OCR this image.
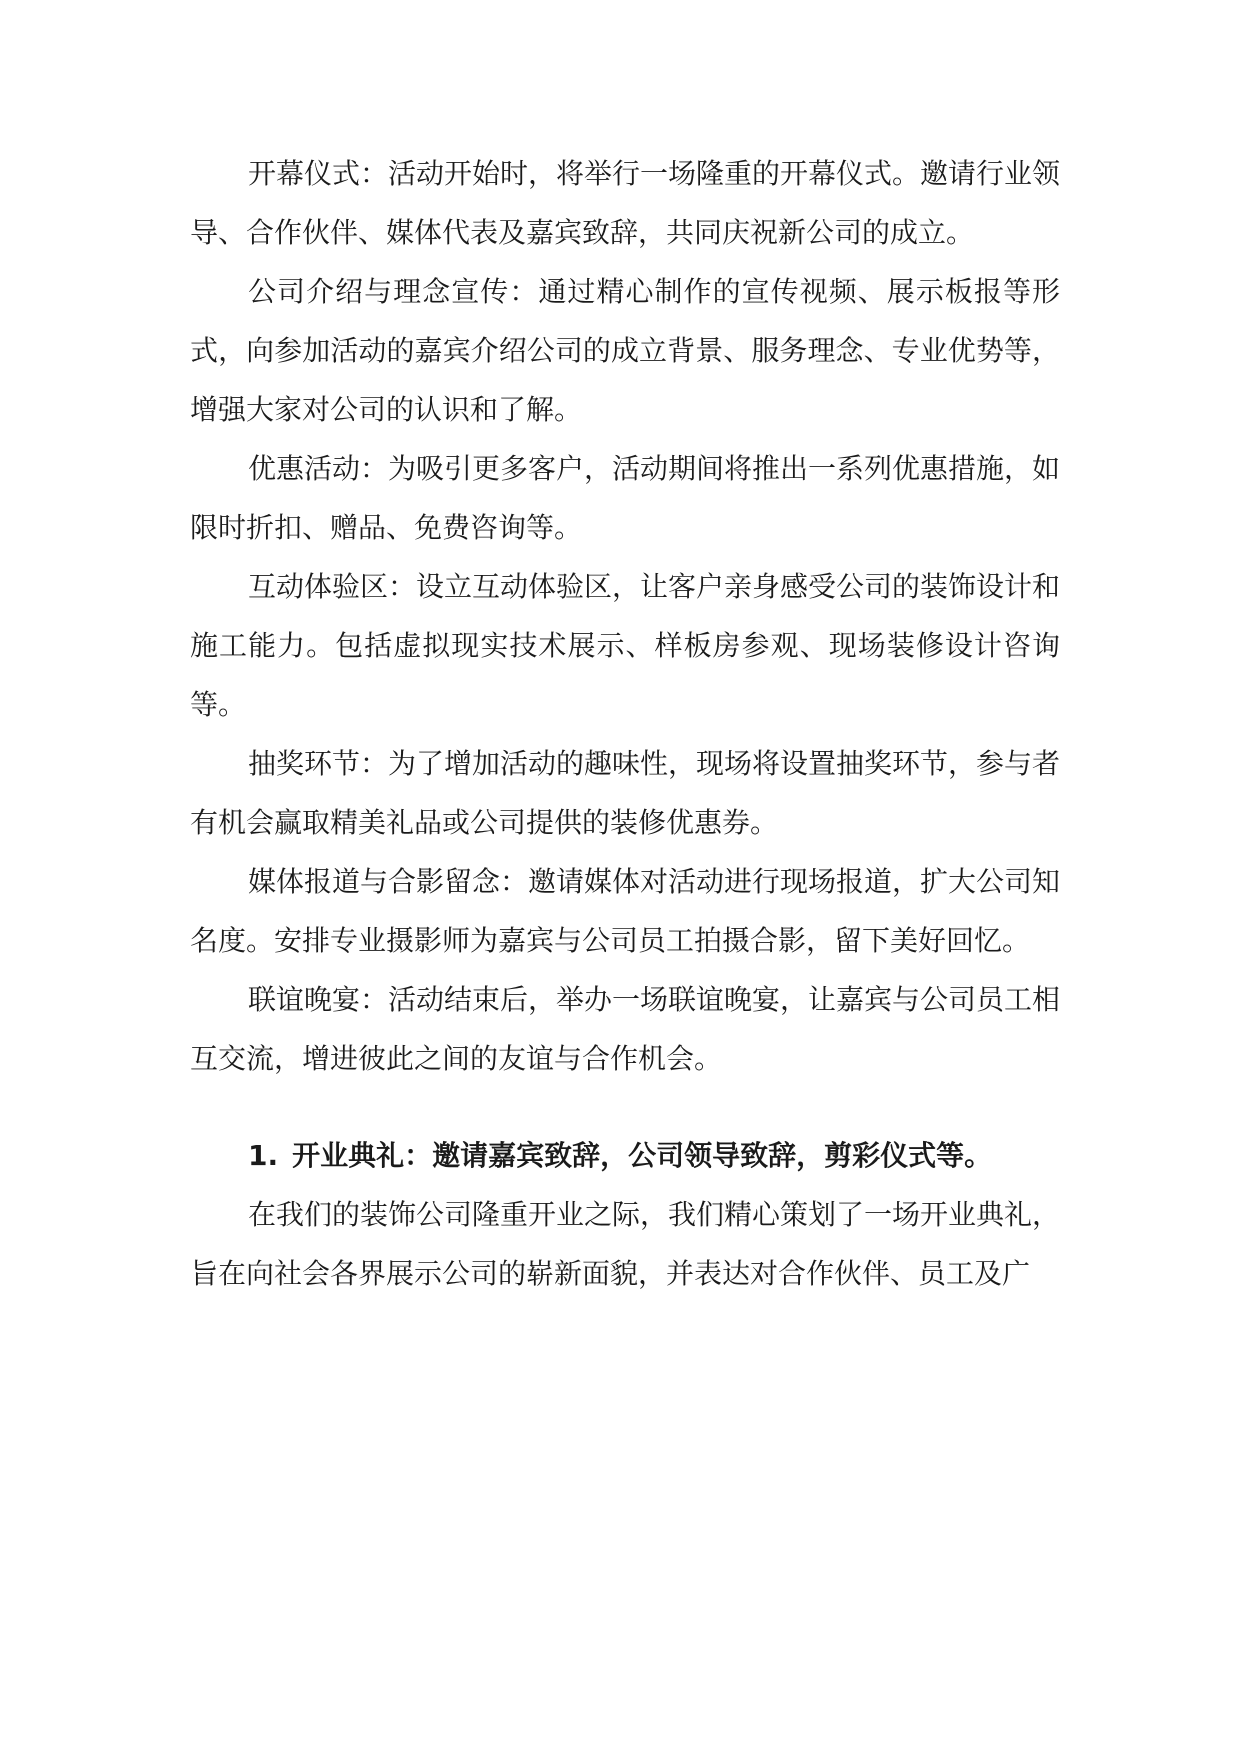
开幕仪式：活动开始时，将举行一场隆重的开幕仪式。邀请行业领导、合作伙伴、媒体代表及嘉宾致辞，共同庆祝新公司的成立。

公司介绍与理念宣传：通过精心制作的宣传视频、展示板报等形式，向参加活动的嘉宾介绍公司的成立背景、服务理念、专业优势等，增强大家对公司的认识和了解。

优惠活动：为吸引更多客户，活动期间将推出一系列优惠措施，如限时折扣、赠品、免费咨询等。

互动体验区：设立互动体验区，让客户亲身感受公司的装饰设计和施工能力。包括虚拟现实技术展示、样板房参观、现场装修设计咨询等。

抽奖环节：为了增加活动的趣味性，现场将设置抽奖环节，参与者有机会赢取精美礼品或公司提供的装修优惠券。

媒体报道与合影留念：邀请媒体对活动进行现场报道，扩大公司知名度。安排专业摄影师为嘉宾与公司员工拍摄合影，留下美好回忆。

联谊晚宴：活动结束后，举办一场联谊晚宴，让嘉宾与公司员工相互交流，增进彼此之间的友谊与合作机会。

1. 开业典礼：邀请嘉宾致辞，公司领导致辞，剪彩仪式等。

在我们的装饰公司隆重开业之际，我们精心策划了一场开业典礼，旨在向社会各界展示公司的崭新面貌，并表达对合作伙伴、员工及广
